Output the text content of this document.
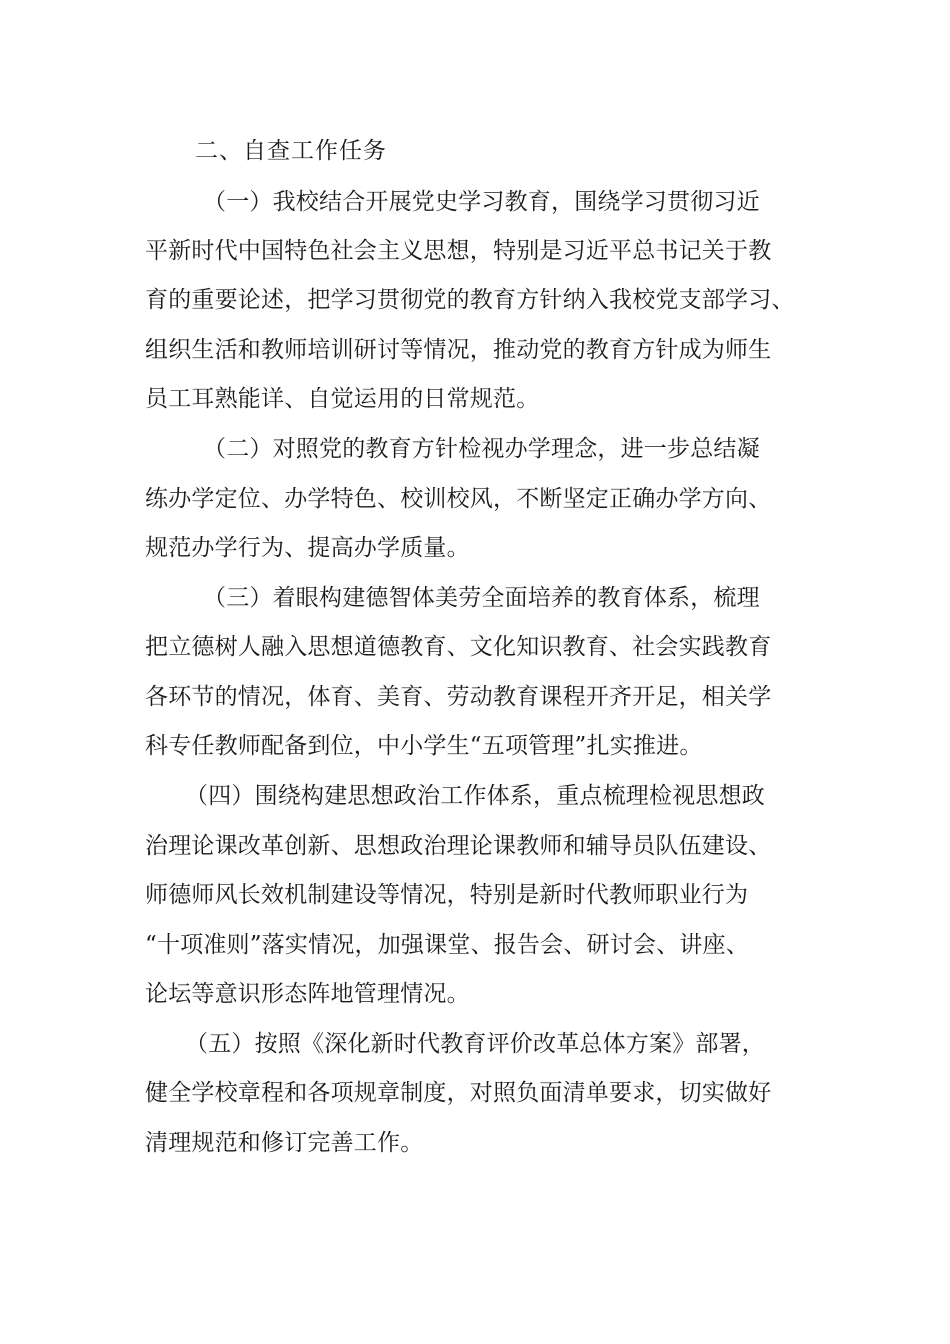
二、自查工作任务
（一）我校结合开展党史学习教育，围绕学习贯彻习近
平新时代中国特色社会主义思想，特别是习近平总书记关于教
育的重要论述，把学习贯彻党的教育方针纳入我校党支部学习、
组织生活和教师培训研讨等情况，推动党的教育方针成为师生
员工耳熟能详、自觉运用的日常规范。
（二）对照党的教育方针检视办学理念，进一步总结凝
练办学定位、办学特色、校训校风，不断坚定正确办学方向、
规范办学行为、提高办学质量。
（三）着眼构建德智体美劳全面培养的教育体系，梳理
把立德树人融入思想道德教育、文化知识教育、社会实践教育
各环节的情况，体育、美育、劳动教育课程开齐开足，相关学
科专任教师配备到位，中小学生“五项管理”扎实推进。
（四）围绕构建思想政治工作体系，重点梳理检视思想政
治理论课改革创新、思想政治理论课教师和辅导员队伍建设、
师德师风长效机制建设等情况，特别是新时代教师职业行为
“十项准则”落实情况，加强课堂、报告会、研讨会、讲座、
论坛等意识形态阵地管理情况。
（五）按照《深化新时代教育评价改革总体方案》部署，
健全学校章程和各项规章制度，对照负面清单要求，切实做好
清理规范和修订完善工作。
